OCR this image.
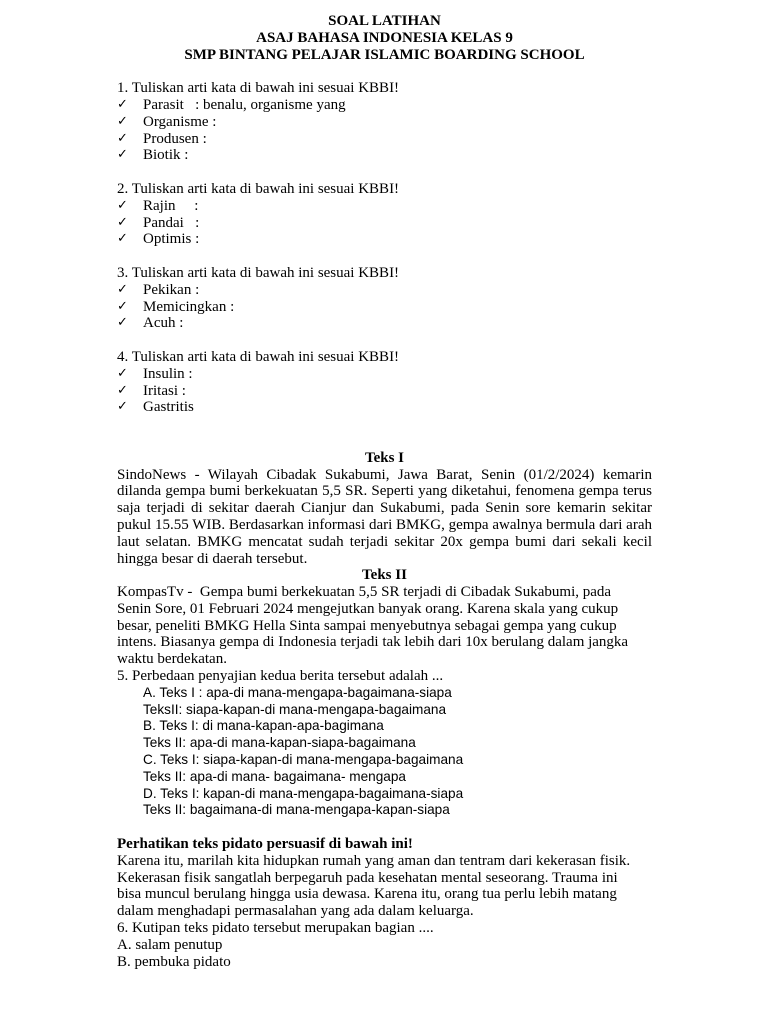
SOAL LATIHAN
ASAJ BAHASA INDONESIA KELAS 9
SMP BINTANG PELAJAR ISLAMIC BOARDING SCHOOL
1. Tuliskan arti kata di bawah ini sesuai KBBI!
✓	Parasit   : benalu, organisme yang
✓	Organisme :
✓	Produsen :
✓	Biotik :
2. Tuliskan arti kata di bawah ini sesuai KBBI!
✓	Rajin     :
✓	Pandai   :
✓	Optimis :
3. Tuliskan arti kata di bawah ini sesuai KBBI!
✓	Pekikan :
✓	Memicingkan :
✓	Acuh :
4. Tuliskan arti kata di bawah ini sesuai KBBI!
✓	Insulin :
✓	Iritasi :
✓	Gastritis
Teks I
SindoNews - Wilayah Cibadak Sukabumi, Jawa Barat, Senin (01/2/2024) kemarin dilanda gempa bumi berkekuatan 5,5 SR. Seperti yang diketahui, fenomena gempa terus saja terjadi di sekitar daerah Cianjur dan Sukabumi, pada Senin sore kemarin sekitar pukul 15.55 WIB. Berdasarkan informasi dari BMKG, gempa awalnya bermula dari arah laut selatan. BMKG mencatat sudah terjadi sekitar 20x gempa bumi dari sekali kecil hingga besar di daerah tersebut.
Teks II
KompasTv -  Gempa bumi berkekuatan 5,5 SR terjadi di Cibadak Sukabumi, pada
Senin Sore, 01 Februari 2024 mengejutkan banyak orang. Karena skala yang cukup
besar, peneliti BMKG Hella Sinta sampai menyebutnya sebagai gempa yang cukup
intens. Biasanya gempa di Indonesia terjadi tak lebih dari 10x berulang dalam jangka
waktu berdekatan.
5. Perbedaan penyajian kedua berita tersebut adalah ...
A. Teks I : apa-di mana-mengapa-bagaimana-siapa
TeksII: siapa-kapan-di mana-mengapa-bagaimana
B. Teks I: di mana-kapan-apa-bagimana
Teks II: apa-di mana-kapan-siapa-bagaimana
C. Teks I: siapa-kapan-di mana-mengapa-bagaimana
Teks II: apa-di mana- bagaimana- mengapa
D. Teks I: kapan-di mana-mengapa-bagaimana-siapa
Teks II: bagaimana-di mana-mengapa-kapan-siapa
Perhatikan teks pidato persuasif di bawah ini!
Karena itu, marilah kita hidupkan rumah yang aman dan tentram dari kekerasan fisik.
Kekerasan fisik sangatlah berpegaruh pada kesehatan mental seseorang. Trauma ini
bisa muncul berulang hingga usia dewasa. Karena itu, orang tua perlu lebih matang
dalam menghadapi permasalahan yang ada dalam keluarga.
6. Kutipan teks pidato tersebut merupakan bagian ....
A. salam penutup
B. pembuka pidato
